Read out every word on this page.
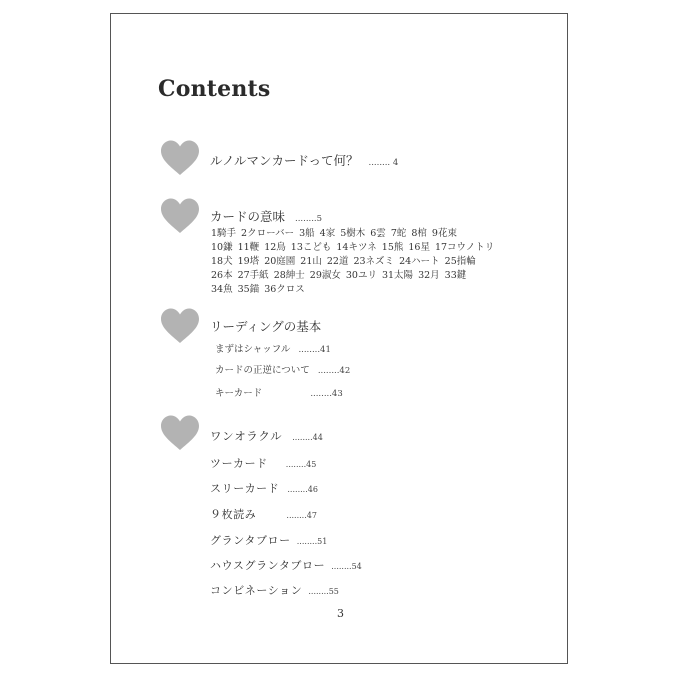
Contents
ルノルマンカードって何？ ........ 4
カードの意味 ........5
1騎手 2クローバー 3船 4家 5樹木 6雲 7蛇 8棺 9花束
10鎌 11鞭 12鳥 13こども 14キツネ 15熊 16星 17コウノトリ
18犬 19塔 20庭園 21山 22道 23ネズミ 24ハート 25指輪
26本 27手紙 28紳士 29淑女 30ユリ 31太陽 32月 33鍵
34魚 35錨 36クロス
リーディングの基本
まずはシャッフル ........41
カードの正逆について ........42
キーカード	........43
ワンオラクル ........44
ツーカード ........45
スリーカード ........46
９枚読み	........47
グランタブロー ........51
ハウスグランタブロー ........54
コンビネーション ........55
3
